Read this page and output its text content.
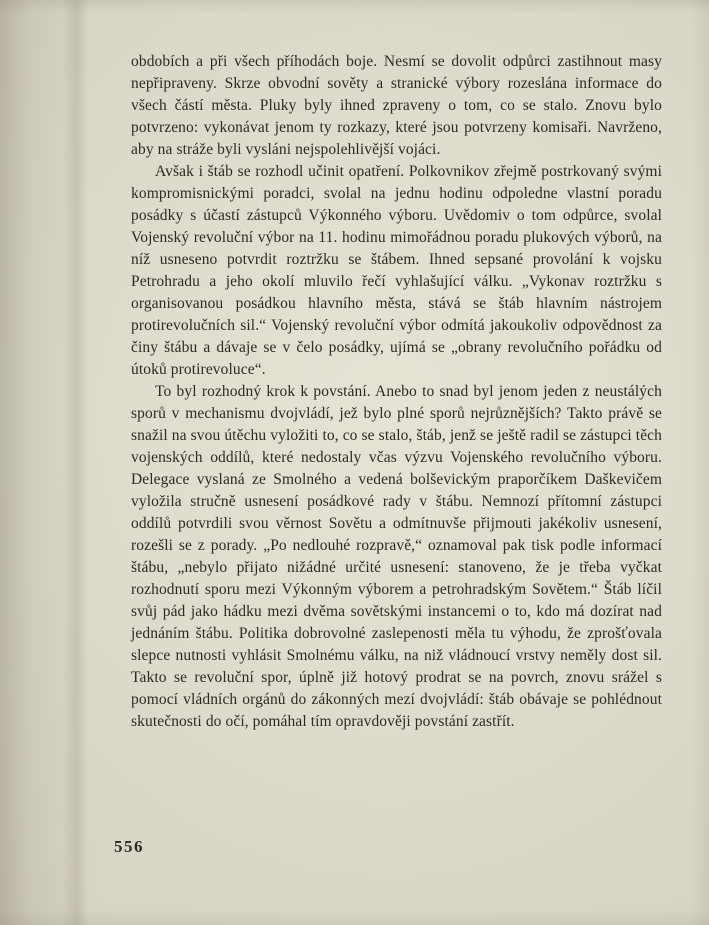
obdobích a při všech příhodách boje. Nesmí se dovolit odpůrci zastihnout masy nepřipraveny. Skrze obvodní sověty a stranické výbory rozeslána informace do všech částí města. Pluky byly ihned zpraveny o tom, co se stalo. Znovu bylo potvrzeno: vykonávat jenom ty rozkazy, které jsou potvrzeny komisaři. Navrženo, aby na stráže byli vysláni nejspolehlivější vojáci.

Avšak i štáb se rozhodl učinit opatření. Polkovnikov zřejmě postrkovaný svými kompromisnickými poradci, svolal na jednu hodinu odpoledne vlastní poradu posádky s účastí zástupců Výkonného výboru. Uvědomiv o tom odpůrce, svolal Vojenský revoluční výbor na 11. hodinu mimořádnou poradu plukových výborů, na níž usneseno potvrdit roztržku se štábem. Ihned sepsané provolání k vojsku Petrohradu a jeho okolí mluvilo řečí vyhlašující válku. „Vykonav roztržku s organisovanou posádkou hlavního města, stává se štáb hlavním nástrojem protirevolučních sil.“ Vojenský revoluční výbor odmítá jakoukoliv odpovědnost za činy štábu a dávaje se v čelo posádky, ujímá se „obrany revolučního pořádku od útoků protirevoluce“.

To byl rozhodný krok k povstání. Anebo to snad byl jenom jeden z neustálých sporů v mechanismu dvojvládí, jež bylo plné sporů nejrůznějších? Takto právě se snažil na svou útěchu vyložiti to, co se stalo, štáb, jenž se ještě radil se zástupci těch vojenských oddílů, které nedostaly včas výzvu Vojenského revolučního výboru. Delegace vyslaná ze Smolného a vedená bolševickým praporčíkem Daškevičem vyložila stručně usnesení posádkové rady v štábu. Nemnozí přítomní zástupci oddílů potvrdili svou věrnost Sovětu a odmítnuvše přijmouti jakékoliv usnesení, rozešli se z porady. „Po nedlouhé rozpravě,“ oznamoval pak tisk podle informací štábu, „nebylo přijato nižádné určité usnesení: stanoveno, že je třeba vyčkat rozhodnutí sporu mezi Výkonným výborem a petrohradským Sovětem.“ Štáb líčil svůj pád jako hádku mezi dvěma sovětskými instancemi o to, kdo má dozírat nad jednáním štábu. Politika dobrovolné zaslepenosti měla tu výhodu, že zprošťovala slepce nutnosti vyhlásit Smolnému válku, na niž vládnoucí vrstvy neměly dost sil. Takto se revoluční spor, úplně již hotový prodrat se na povrch, znovu srážel s pomocí vládních orgánů do zákonných mezí dvojvládí: štáb obávaje se pohlédnout skutečnosti do očí, pomáhal tím opravdověji povstání zastřít.

556
